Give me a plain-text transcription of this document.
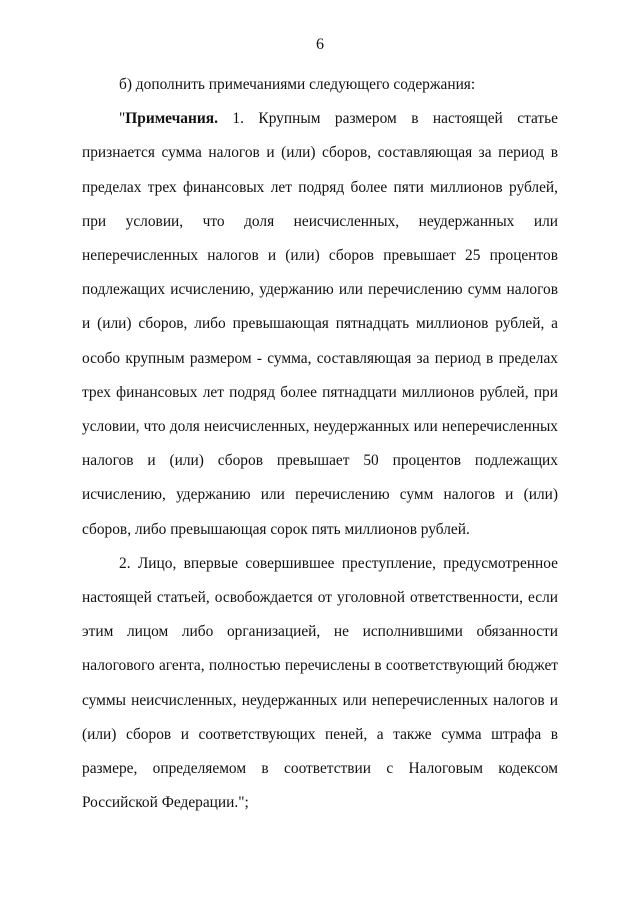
6

б) дополнить примечаниями следующего содержания:

"Примечания. 1. Крупным размером в настоящей статье признается сумма налогов и (или) сборов, составляющая за период в пределах трех финансовых лет подряд более пяти миллионов рублей, при условии, что доля неисчисленных, неудержанных или неперечисленных налогов и (или) сборов превышает 25 процентов подлежащих исчислению, удержанию или перечислению сумм налогов и (или) сборов, либо превышающая пятнадцать миллионов рублей, а особо крупным размером - сумма, составляющая за период в пределах трех финансовых лет подряд более пятнадцати миллионов рублей, при условии, что доля неисчисленных, неудержанных или неперечисленных налогов и (или) сборов превышает 50 процентов подлежащих исчислению, удержанию или перечислению сумм налогов и (или) сборов, либо превышающая сорок пять миллионов рублей.

2. Лицо, впервые совершившее преступление, предусмотренное настоящей статьей, освобождается от уголовной ответственности, если этим лицом либо организацией, не исполнившими обязанности налогового агента, полностью перечислены в соответствующий бюджет суммы неисчисленных, неудержанных или неперечисленных налогов и (или) сборов и соответствующих пеней, а также сумма штрафа в размере, определяемом в соответствии с Налоговым кодексом Российской Федерации.";
